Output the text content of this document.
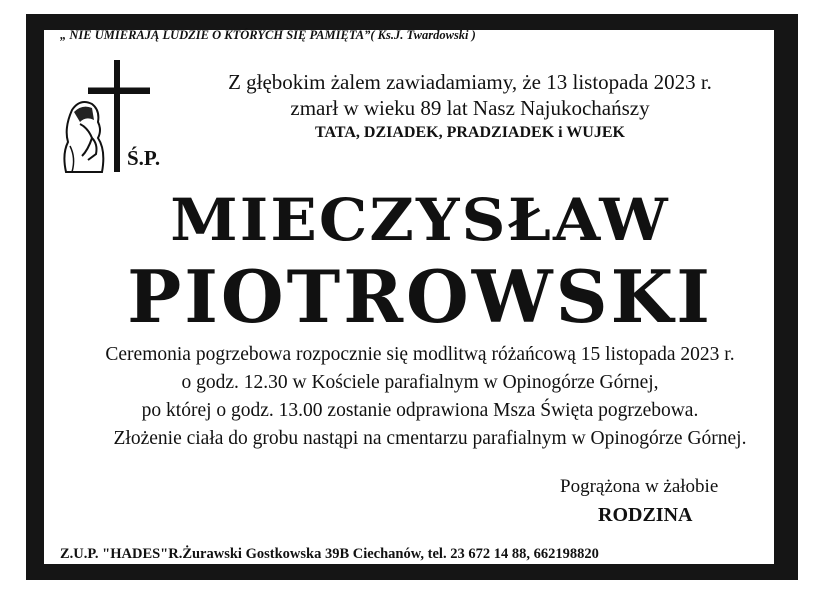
„ NIE UMIERAJĄ LUDZIE O KTÓRYCH SIĘ PAMIĘTA”( Ks.J. Twardowski )
Ś.P.
Z głębokim żalem zawiadamiamy, że 13 listopada 2023 r.
zmarł w wieku 89 lat Nasz Najukochańszy
TATA, DZIADEK, PRADZIADEK i WUJEK
MIECZYSŁAW
PIOTROWSKI
Ceremonia pogrzebowa rozpocznie się modlitwą różańcową 15 listopada 2023 r.
o godz. 12.30 w Kościele parafialnym w Opinogórze Górnej,
po której o godz. 13.00 zostanie odprawiona Msza Święta pogrzebowa.
Złożenie ciała do grobu nastąpi na cmentarzu parafialnym w Opinogórze Górnej.
Pogrążona w żałobie
RODZINA
Z.U.P. "HADES"R.Żurawski Gostkowska 39B Ciechanów, tel. 23 672 14 88, 662198820
